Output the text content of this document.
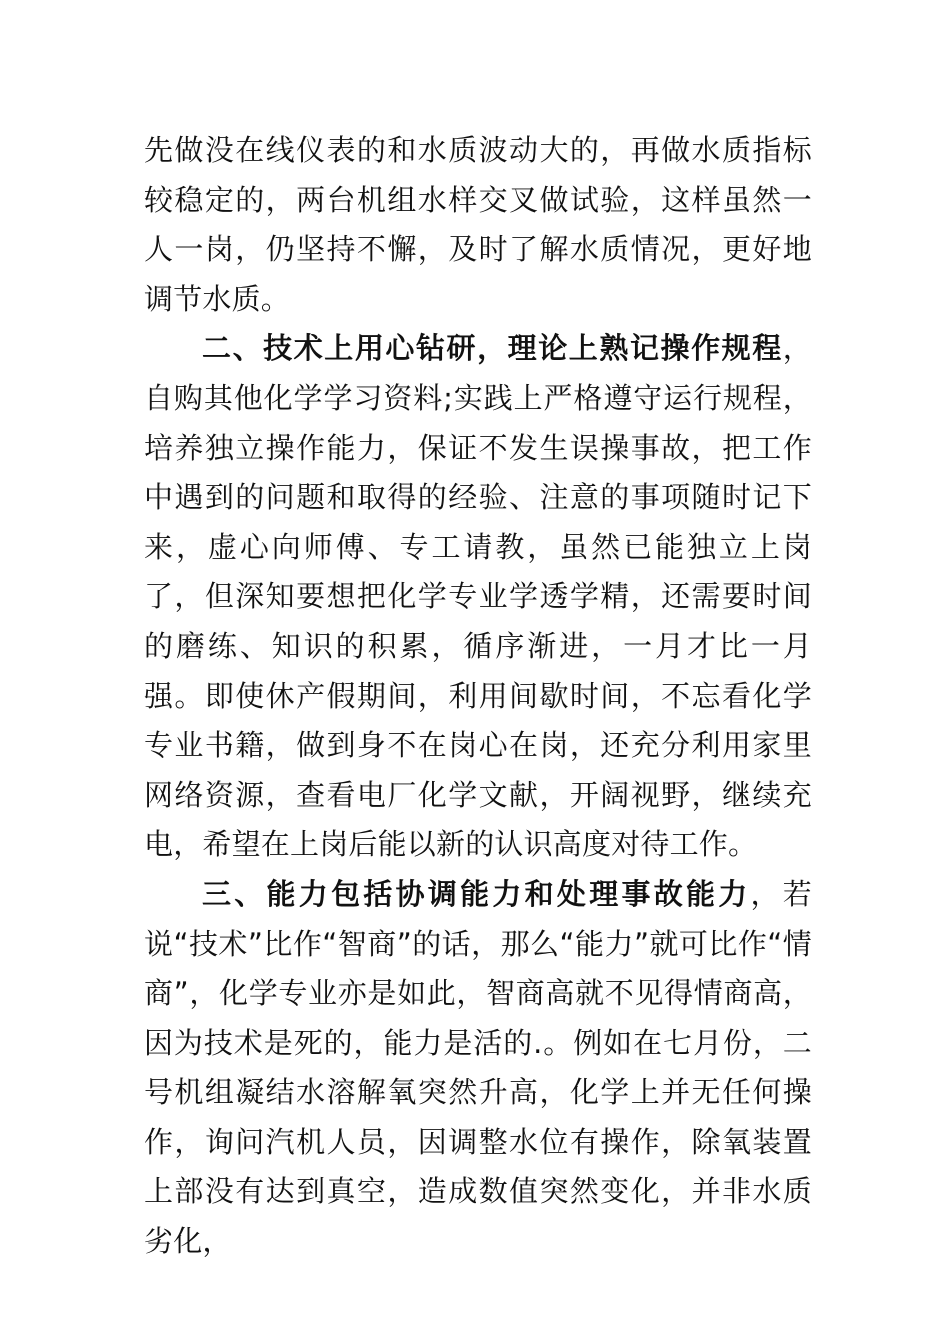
先做没在线仪表的和水质波动大的，再做水质指标较稳定的，两台机组水样交叉做试验，这样虽然一人一岗，仍坚持不懈，及时了解水质情况，更好地调节水质。

二、技术上用心钻研，理论上熟记操作规程，自购其他化学学习资料;实践上严格遵守运行规程，培养独立操作能力，保证不发生误操事故，把工作中遇到的问题和取得的经验、注意的事项随时记下来，虚心向师傅、专工请教，虽然已能独立上岗了，但深知要想把化学专业学透学精，还需要时间的磨练、知识的积累，循序渐进，一月才比一月强。即使休产假期间，利用间歇时间，不忘看化学专业书籍，做到身不在岗心在岗，还充分利用家里网络资源，查看电厂化学文献，开阔视野，继续充电，希望在上岗后能以新的认识高度对待工作。

三、能力包括协调能力和处理事故能力，若说“技术”比作“智商”的话，那么“能力”就可比作“情商”，化学专业亦是如此，智商高就不见得情商高，因为技术是死的，能力是活的.。例如在七月份，二号机组凝结水溶解氧突然升高，化学上并无任何操作，询问汽机人员，因调整水位有操作，除氧装置上部没有达到真空，造成数值突然变化，并非水质劣化，
